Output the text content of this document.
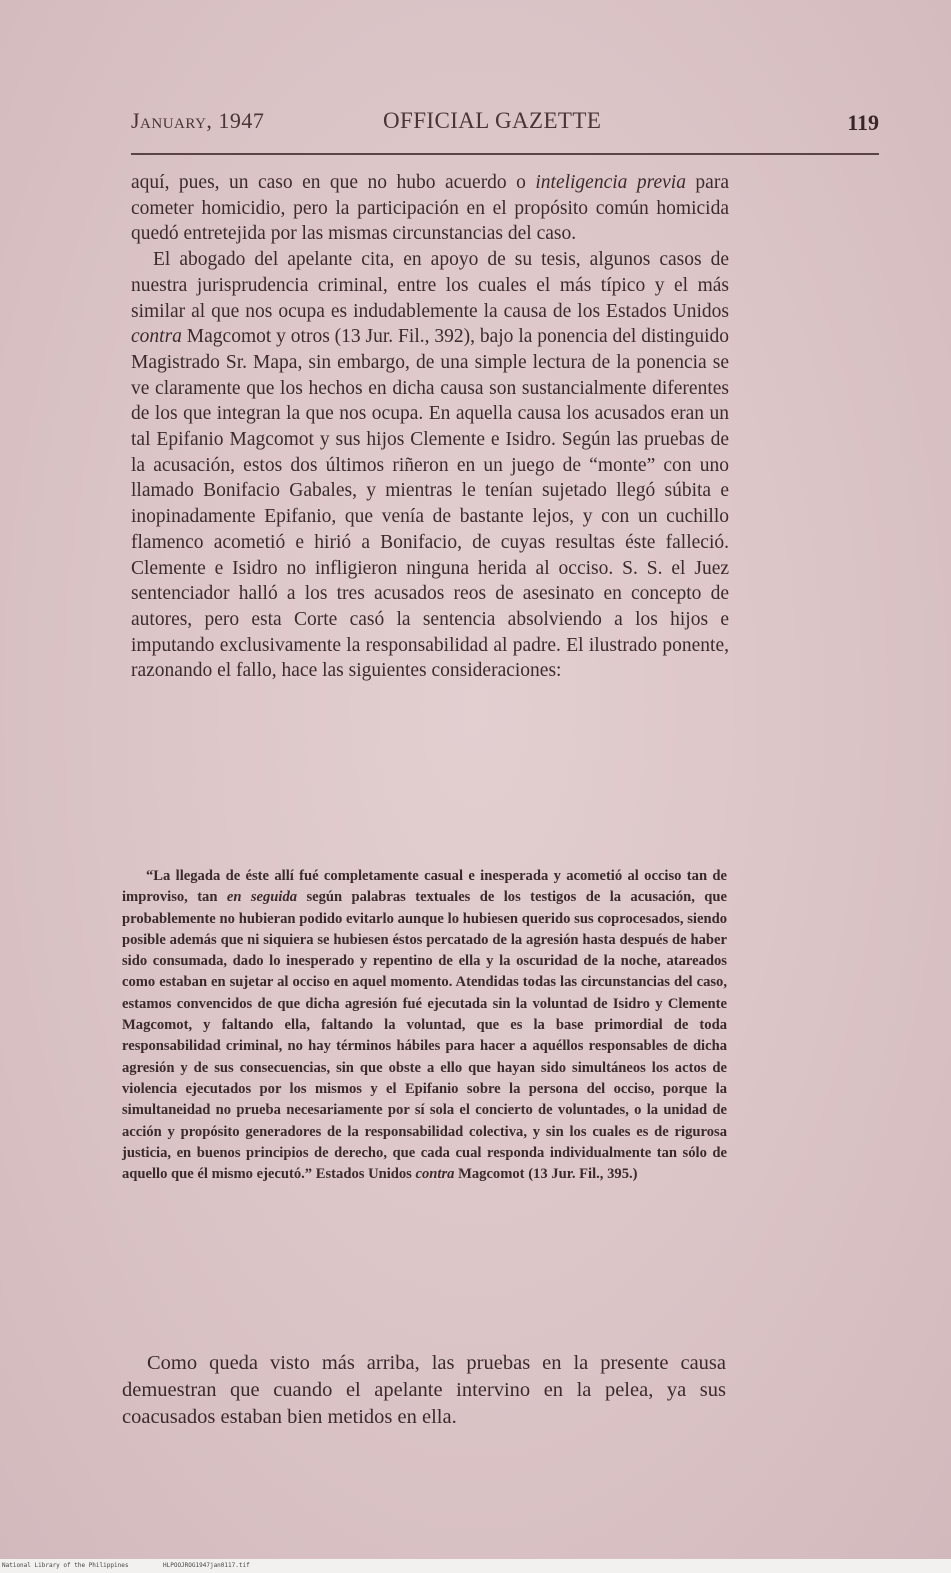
January, 1947	OFFICIAL GAZETTE	119

aquí, pues, un caso en que no hubo acuerdo o inteligencia previa para cometer homicidio, pero la participación en el propósito común homicida quedó entretejida por las mismas circunstancias del caso.

El abogado del apelante cita, en apoyo de su tesis, algunos casos de nuestra jurisprudencia criminal, entre los cuales el más típico y el más similar al que nos ocupa es indudablemente la causa de los Estados Unidos contra Magcomot y otros (13 Jur. Fil., 392), bajo la ponencia del distinguido Magistrado Sr. Mapa, sin embargo, de una simple lectura de la ponencia se ve claramente que los hechos en dicha causa son sustancialmente diferentes de los que integran la que nos ocupa. En aquella causa los acusados eran un tal Epifanio Magcomot y sus hijos Clemente e Isidro. Según las pruebas de la acusación, estos dos últimos riñeron en un juego de “monte” con uno llamado Bonifacio Gabales, y mientras le tenían sujetado llegó súbita e inopinadamente Epifanio, que venía de bastante lejos, y con un cuchillo flamenco acometió e hirió a Bonifacio, de cuyas resultas éste falleció. Clemente e Isidro no infligieron ninguna herida al occiso. S. S. el Juez sentenciador halló a los tres acusados reos de asesinato en concepto de autores, pero esta Corte casó la sentencia absolviendo a los hijos e imputando exclusivamente la responsabilidad al padre. El ilustrado ponente, razonando el fallo, hace las siguientes consideraciones:

“La llegada de éste allí fué completamente casual e inesperada y acometió al occiso tan de improviso, tan en seguida según palabras textuales de los testigos de la acusación, que probablemente no hubieran podido evitarlo aunque lo hubiesen querido sus coprocesados, siendo posible además que ni siquiera se hubiesen éstos percatado de la agresión hasta después de haber sido consumada, dado lo inesperado y repentino de ella y la oscuridad de la noche, atareados como estaban en sujetar al occiso en aquel momento. Atendidas todas las circunstancias del caso, estamos convencidos de que dicha agresión fué ejecutada sin la voluntad de Isidro y Clemente Magcomot, y faltando ella, faltando la voluntad, que es la base primordial de toda responsabilidad criminal, no hay términos hábiles para hacer a aquéllos responsables de dicha agresión y de sus consecuencias, sin que obste a ello que hayan sido simultáneos los actos de violencia ejecutados por los mismos y el Epifanio sobre la persona del occiso, porque la simultaneidad no prueba necesariamente por sí sola el concierto de voluntades, o la unidad de acción y propósito generadores de la responsabilidad colectiva, y sin los cuales es de rigurosa justicia, en buenos principios de derecho, que cada cual responda individualmente tan sólo de aquello que él mismo ejecutó.” Estados Unidos contra Magcomot (13 Jur. Fil., 395.)

Como queda visto más arriba, las pruebas en la presente causa demuestran que cuando el apelante intervino en la pelea, ya sus coacusados estaban bien metidos en ella.

National Library of the Philippines	HLPOOJROG1947jan0117.tif
